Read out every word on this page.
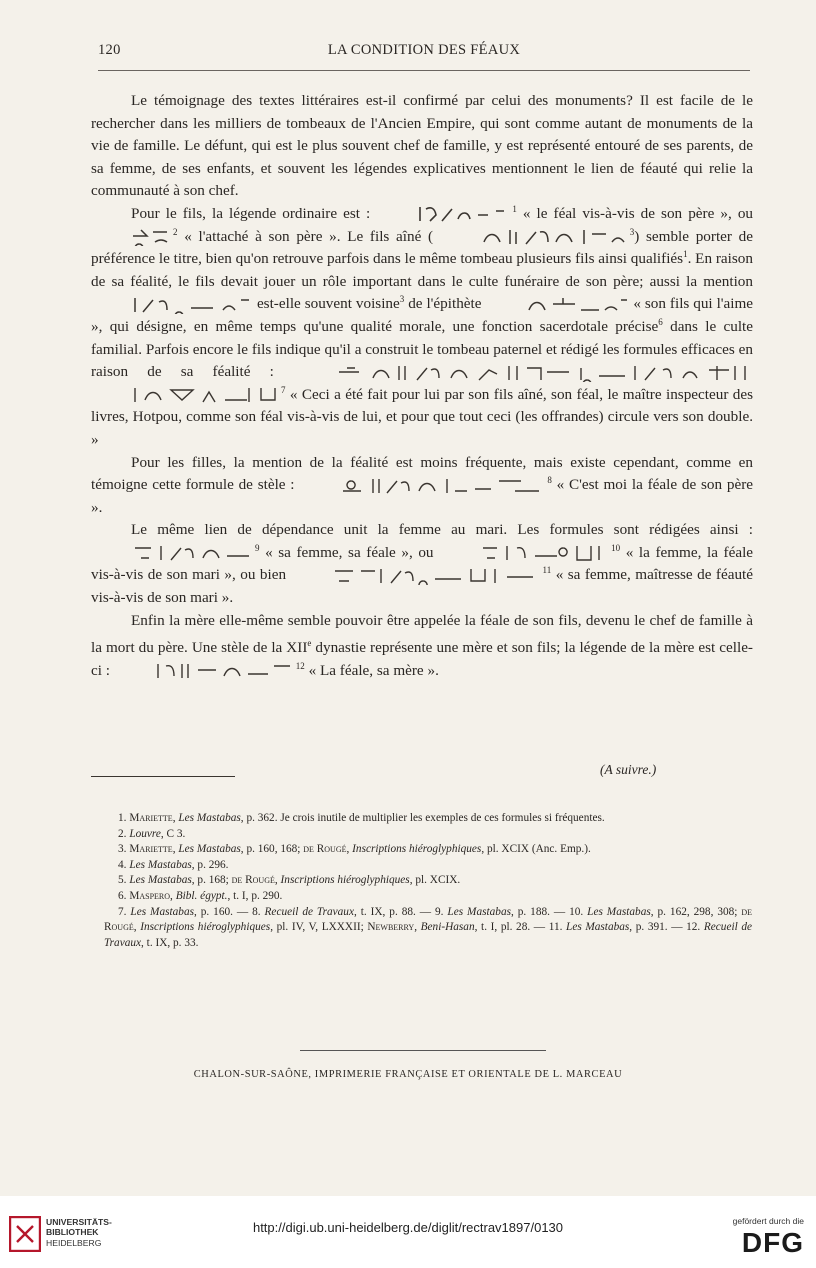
120	LA CONDITION DES FÉAUX

Le témoignage des textes littéraires est-il confirmé par celui des monuments? Il est facile de le rechercher dans les milliers de tombeaux de l'Ancien Empire, qui sont comme autant de monuments de la vie de famille. Le défunt, qui est le plus souvent chef de famille, y est représenté entouré de ses parents, de sa femme, de ses enfants, et souvent les légendes explicatives mentionnent le lien de féauté qui relie la communauté à son chef.

Pour le fils, la légende ordinaire est :	$^1$ « le féal vis-à-vis de son père », ou $^2$ « l'attaché à son père ». Le fils aîné (	$^3$) semble porter de préférence le titre, bien qu'on retrouve parfois dans le même tombeau plusieurs fils ainsi qualifiés$^1$. En raison de sa féalité, le fils devait jouer un rôle important dans le culte funéraire de son père; aussi la mention  est-elle souvent voisine$^3$ de l'épithète	« son fils qui l'aime », qui désigne, en même temps qu'une qualité morale, une fonction sacerdotale précise$^6$ dans le culte familial. Parfois encore le fils indique qu'il a construit le tombeau paternel et rédigé les formules efficaces en raison de sa féalité :  $^7$ « Ceci a été fait pour lui par son fils aîné, son féal, le maître inspecteur des livres, Hotpou, comme son féal vis-à-vis de lui, et pour que tout ceci (les offrandes) circule vers son double. »

Pour les filles, la mention de la féalité est moins fréquente, mais existe cependant, comme en témoigne cette formule de stèle :	$^8$ « C'est moi la féale de son père ».

Le même lien de dépendance unit la femme au mari. Les formules sont rédigées ainsi : $^9$ « sa femme, sa féale », ou	$^{10}$ « la femme, la féale vis-à-vis de son mari », ou bien	$^{11}$ « sa femme, maîtresse de féauté vis-à-vis de son mari ».

Enfin la mère elle-même semble pouvoir être appelée la féale de son fils, devenu le chef de famille à la mort du père. Une stèle de la XIIe dynastie représente une mère et son fils; la légende de la mère est celle-ci :	$^{12}$ « La féale, sa mère ».

(A suivre.)

1. Mariette, Les Mastabas, p. 362. Je crois inutile de multiplier les exemples de ces formules si fréquentes.

2. Louvre, C 3.

3. Mariette, Les Mastabas, p. 160, 168; de Rougé, Inscriptions hiéroglyphiques, pl. XCIX (Anc. Emp.).

4. Les Mastabas, p. 296.

5. Les Mastabas, p. 168; de Rougé, Inscriptions hiéroglyphiques, pl. XCIX.

6. Maspero, Bibl. égypt., t. I, p. 290.

7. Les Mastabas, p. 160. — 8. Recueil de Travaux, t. IX, p. 88. — 9. Les Mastabas, p. 188. — 10. Les Mastabas, p. 162, 298, 308; de Rougé, Inscriptions hiéroglyphiques, pl. IV, V, LXXXII; Newberry, Beni-Hasan, t. I, pl. 28. — 11. Les Mastabas, p. 391. — 12. Recueil de Travaux, t. IX, p. 33.

CHALON-SUR-SAÔNE, IMPRIMERIE FRANÇAISE ET ORIENTALE DE L. MARCEAU
UNIVERSITÄTS-
BIBLIOTHEK
HEIDELBERG
http://digi.ub.uni-heidelberg.de/diglit/rectrav1897/0130	gefördert durch die
DFG
